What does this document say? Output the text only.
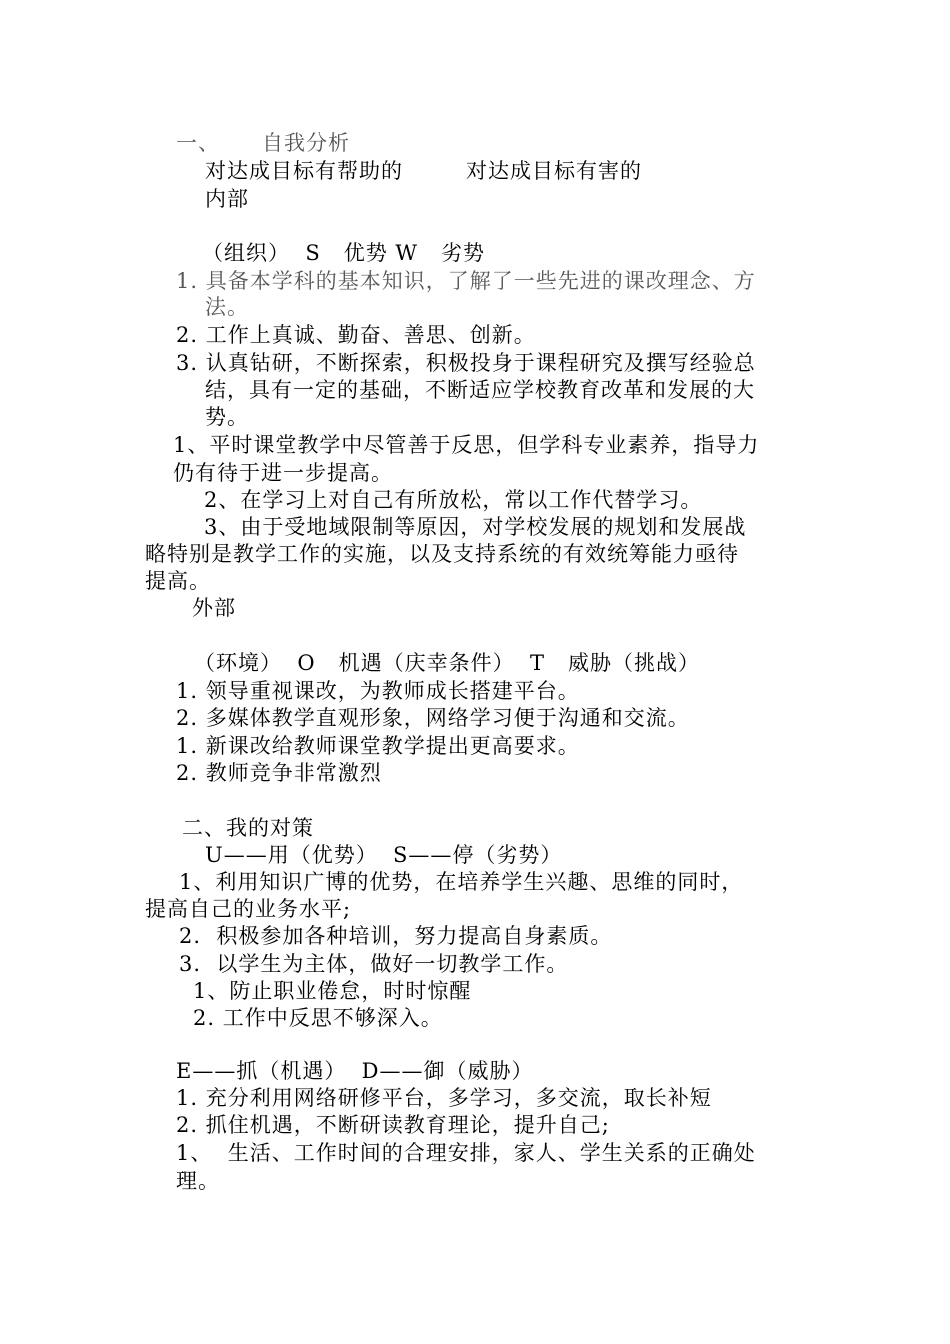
一、 自我分析
对达成目标有帮助的	对达成目标有害的
内部
（组织）  S   优势 W   劣势
1. 具备本学科的基本知识，了解了一些先进的课改理念、方
法。
2. 工作上真诚、勤奋、善思、创新。
3. 认真钻研，不断探索，积极投身于课程研究及撰写经验总
结，具有一定的基础，不断适应学校教育改革和发展的大
势。
1、平时课堂教学中尽管善于反思，但学科专业素养，指导力
仍有待于进一步提高。
2、在学习上对自己有所放松，常以工作代替学习。
3、由于受地域限制等原因，对学校发展的规划和发展战
略特别是教学工作的实施，以及支持系统的有效统筹能力亟待
提高。
外部
（环境）  O   机遇（庆幸条件）  T   威胁（挑战）
1. 领导重视课改，为教师成长搭建平台。
2. 多媒体教学直观形象，网络学习便于沟通和交流。
1. 新课改给教师课堂教学提出更高要求。
2. 教师竞争非常激烈
二、我的对策
U——用（优势）  S——停（劣势）
1、利用知识广博的优势，在培养学生兴趣、思维的同时，
提高自己的业务水平;
2.  积极参加各种培训，努力提高自身素质。
3.  以学生为主体，做好一切教学工作。
1、防止职业倦怠，时时惊醒
2. 工作中反思不够深入。
E——抓（机遇）  D——御（威胁）
1. 充分利用网络研修平台，多学习，多交流，取长补短
2. 抓住机遇，不断研读教育理论，提升自己;
1、  生活、工作时间的合理安排，家人、学生关系的正确处
理。
